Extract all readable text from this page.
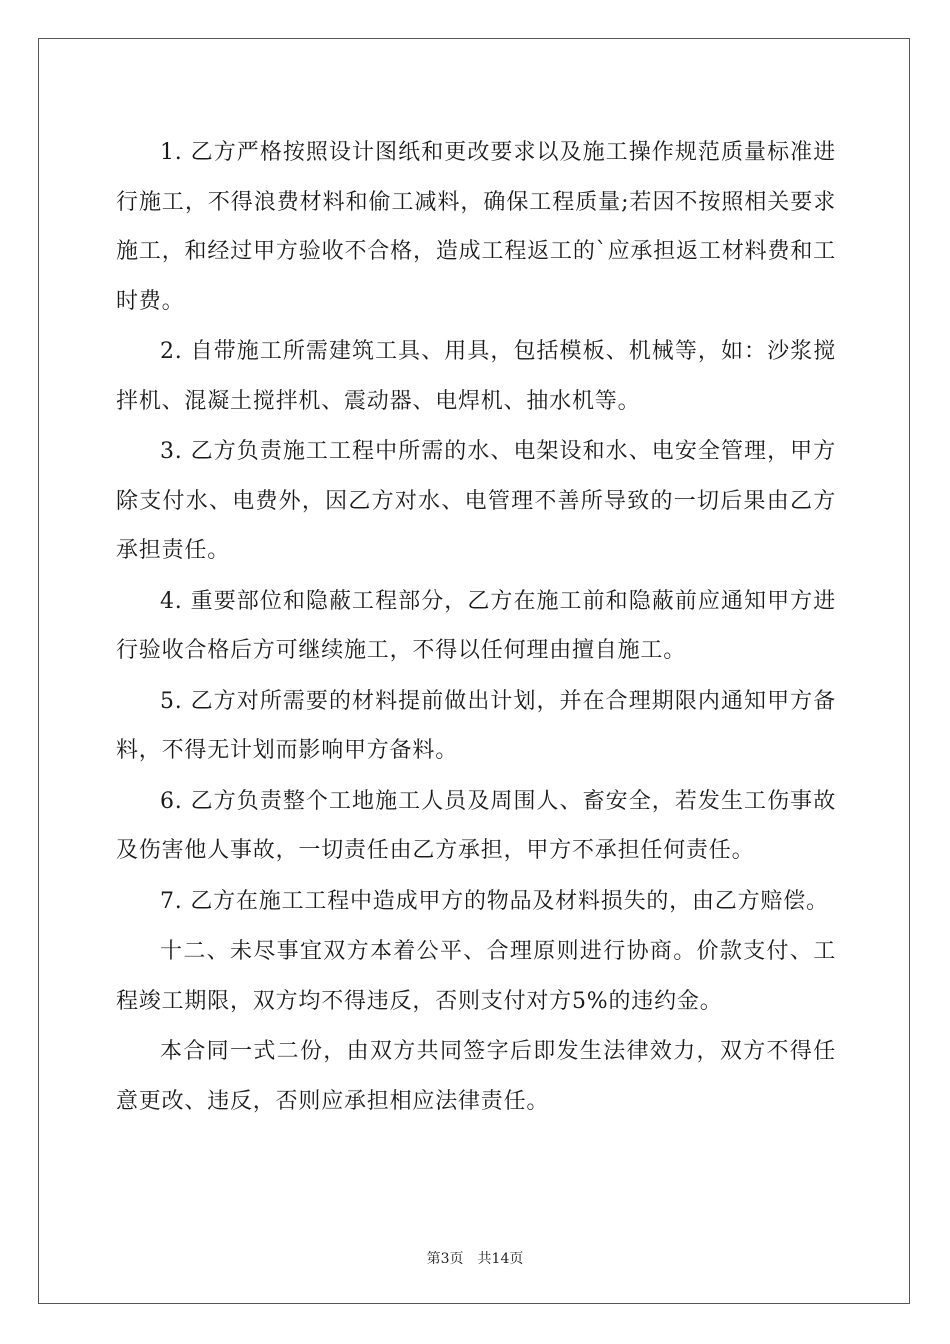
1. 乙方严格按照设计图纸和更改要求以及施工操作规范质量标准进行施工，不得浪费材料和偷工减料，确保工程质量;若因不按照相关要求施工，和经过甲方验收不合格，造成工程返工的`应承担返工材料费和工时费。

2. 自带施工所需建筑工具、用具，包括模板、机械等，如：沙浆搅拌机、混凝土搅拌机、震动器、电焊机、抽水机等。

3. 乙方负责施工工程中所需的水、电架设和水、电安全管理，甲方除支付水、电费外，因乙方对水、电管理不善所导致的一切后果由乙方承担责任。

4. 重要部位和隐蔽工程部分，乙方在施工前和隐蔽前应通知甲方进行验收合格后方可继续施工，不得以任何理由擅自施工。

5. 乙方对所需要的材料提前做出计划，并在合理期限内通知甲方备料，不得无计划而影响甲方备料。

6. 乙方负责整个工地施工人员及周围人、畜安全，若发生工伤事故及伤害他人事故，一切责任由乙方承担，甲方不承担任何责任。

7. 乙方在施工工程中造成甲方的物品及材料损失的，由乙方赔偿。

十二、未尽事宜双方本着公平、合理原则进行协商。价款支付、工程竣工期限，双方均不得违反，否则支付对方5%的违约金。

本合同一式二份，由双方共同签字后即发生法律效力，双方不得任意更改、违反，否则应承担相应法律责任。

第3页 共14页
